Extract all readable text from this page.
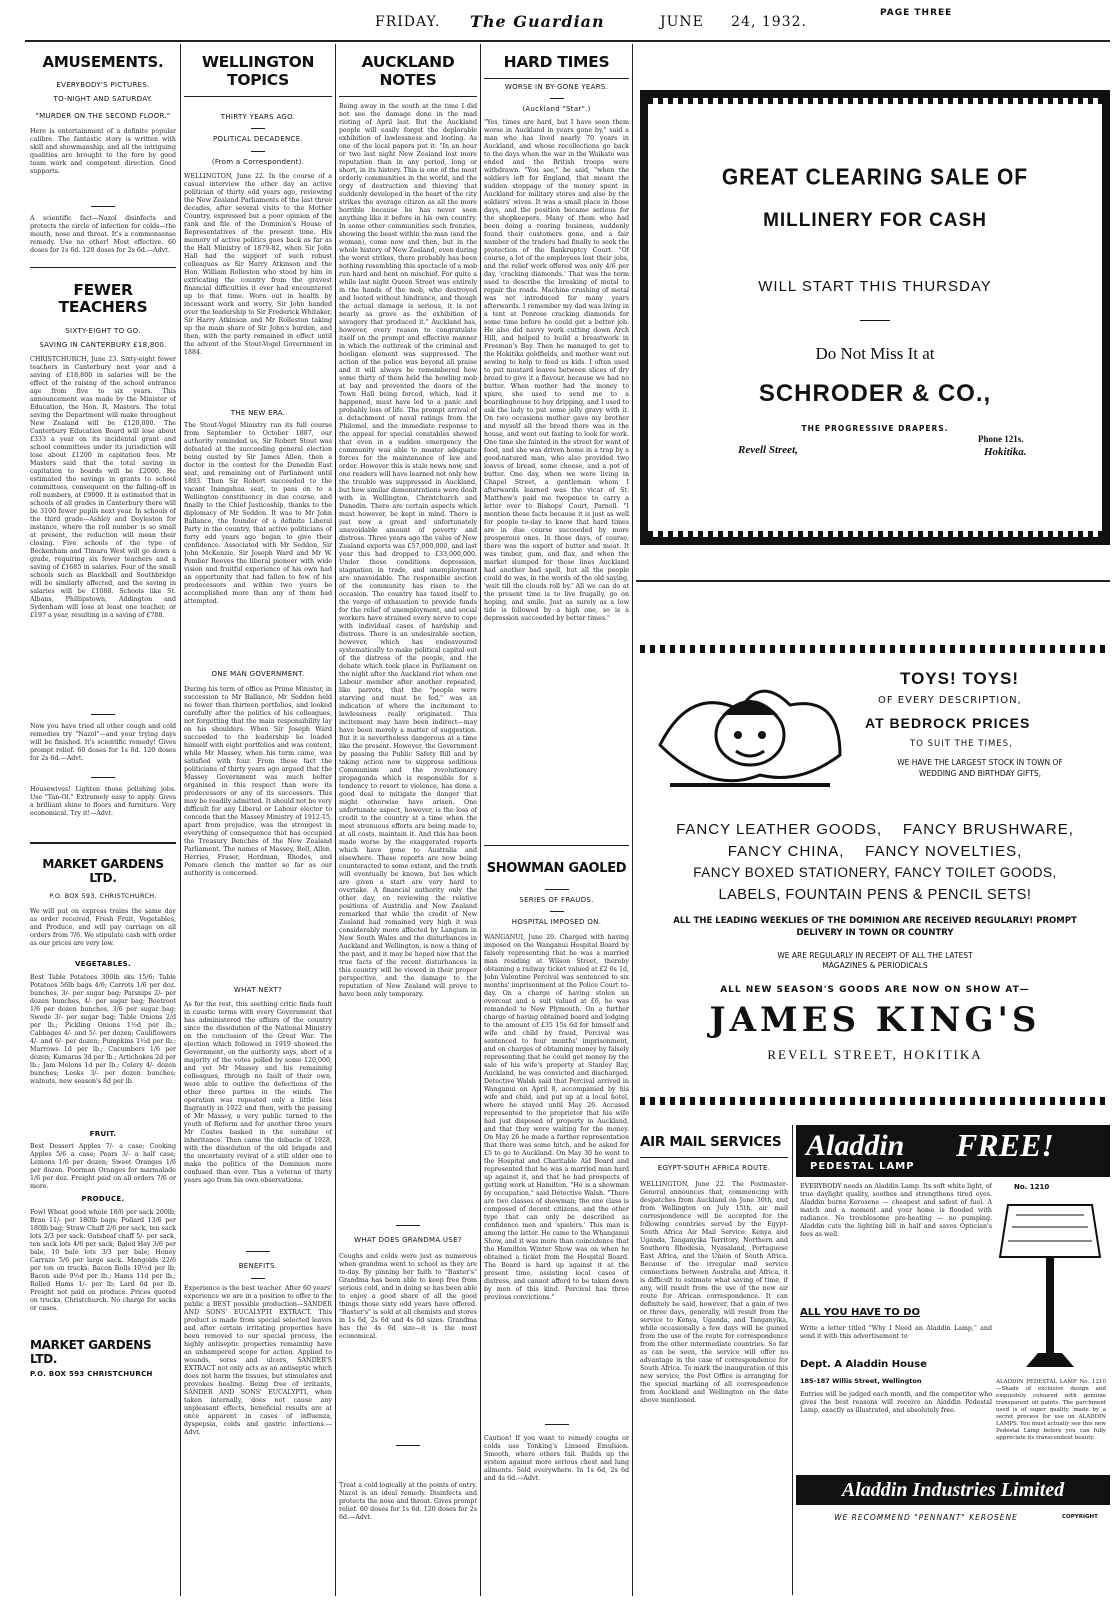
FRIDAY. The Guardian	JUNE     24, 1932.
PAGE THREE
AMUSEMENTS.
EVERYBODY'S PICTURES.
TO-NIGHT AND SATURDAY.
"MURDER ON THE SECOND FLOOR."
Here is entertainment of a definite popular calibre. The fantastic story is written with skill and showmanship, and all the intriguing qualities are brought to the fore by good team work and competent direction. Good supports.
A scientific fact—Nazol disinfects and protects the circle of infection for colds—the mouth, nose and throat. It's a commonsense remedy. Use no other! Most effective. 60 doses for 1s 6d. 120 doses for 2s 6d.—Advt.
FEWER TEACHERS
SIXTY-EIGHT TO GO.
SAVING IN CANTERBURY £18,800.
CHRISTCHURCH, June 23. Sixty-eight fewer teachers in Canterbury next year and a saving of £18,800 in salaries will be the effect of the raising of the school entrance age from five to six years. This announcement was made by the Minister of Education, the Hon. R. Masters. The total saving the Department will make throughout New Zealand will be £120,000. The Canterbury Education Board will lose about £333 a year on its incidental grant and school committees under its jurisdiction will lose about £1200 in capitation fees. Mr Masters said that the total saving in capitation to boards will be £2000. He estimated the savings in grants to school committees, consequent on the falling-off in roll numbers, at £9000. It is estimated that in schools of all grades in Canterbury there will be 3100 fewer pupils next year. In schools of the third grade—Ashley and Doyleston for instance, where the roll number is so small at present, the reduction will mean their closing. Five schools of the type of Beckenham and Timaru West will go down a grade, requiring six fewer teachers and a saving of £1685 in salaries. Four of the small schools such as Blackball and Southbridge will be similarly affected, and the saving in salaries will be £1088. Schools like St. Albans, Phillipstown, Addington and Sydenham will lose at least one teacher, or £197 a year, resulting in a saving of £788.
Now you have tried all other cough and cold remedies try "Nazol"—and your trying days will be finished. It's scientific remedy! Gives prompt relief. 60 doses for 1s 6d. 120 doses for 2s 6d.—Advt.
Housewives! Lighten those polishing jobs. Use "Tan-Ol." Extremely easy to apply. Gives a brilliant shine to floors and furniture. Very economical. Try it!—Advt.
MARKET GARDENS LTD.
P.O. BOX 593, CHRISTCHURCH.
We will put on express trains the same day as order received, Fresh Fruit, Vegetables, and Produce, and will pay carriage on all orders from 7/6. We stipulate cash with order as our prices are very low.
VEGETABLES.
Best Table Potatoes 300lb sks 15/6; Table Potatoes 56lb bags 4/6; Carrots 1/6 per doz. bunches, 3/- per sugar bag; Parsnips 2/- per dozen bunches, 4/- per sugar bag; Beetroot 1/6 per dozen bunches, 3/6 per sugar bag; Swede 3/- per sugar bag; Table Onions 2/d per lb.; Pickling Onions 1½d per lb.; Cabbages 4/- and 5/- per dozen; Cauliflowers 4/- and 6/- per dozen; Pumpkins 1½d per lb.; Marrows 1d per lb.; Cucumbers 1/6 per dozen; Kumaras 3d per lb.; Artichokes 2d per lb.; Jam Melons 1d per lb.; Celery 4/- dozen bunches; Leeks 3/- per dozen bunches; walnuts, new season's 8d per lb.
FRUIT.
Best Dessert Apples 7/- a case; Cooking Apples 5/6 a case; Pears 3/- a half case; Lemons 1/6 per dozen; Sweet Oranges 1/6 per dozen. Poorman Oranges for marmalade 1/6 per doz. Freight paid on all orders 7/6 or more.
PRODUCE.
Fowl Wheat good whole 18/6 per sack 200lb; Bran 11/- per 180lb bags; Pollard 13/6 per 180lb bag; Straw Chaff 2/6 per sack, ten sack lots 2/3 per sack. Oatsheaf chaff 5/- per sack, ten sack lots 4/6 per sack; Baled Hay 3/6 per bale, 10 bale lots 3/3 per bale; Honey Carraze 5/6 per large sack. Mangolds 22/6 per ton on trucks. Bacon Rolls 10½d per lb; Bacon side 9½d per lb.; Hams 11d per lb.; Rolled Hams 1/- per lb; Lard 6d per lb. Freight not paid on produce. Prices quoted on trucks, Christchurch. No charge for sacks or cases.
MARKET GARDENS LTD.
P.O. BOX 593 CHRISTCHURCH
WELLINGTON TOPICS
THIRTY YEARS AGO.
POLITICAL DECADENCE.
(From a Correspondent).
WELLINGTON, June 22. In the course of a casual interview the other day an active politician of thirty odd years ago, reviewing the New Zealand Parliaments of the last three decades, after several visits to the Mother Country, expressed but a poor opinion of the rank and file of the Dominion's House of Representatives of the present time. His memory of active politics goes back as far as the Hall Ministry of 1879-82, when Sir John Hall had the support of such robust colleagues as Sir Harry Atkinson and the Hon. William Rolleston who stood by him in extricating the country from the gravest financial difficulties it ever had encountered up to that time. Worn out in health by incessant work and worry, Sir John handed over the leadership to Sir Frederick Whitaker, Sir Harry Atkinson and Mr Rolleston taking up the main share of Sir John's burden, and then, with the party remained in effect until the advent of the Stout-Vogel Government in 1884.
THE NEW ERA.
The Stout-Vogel Ministry ran its full course from September to October 1887, our authority reminded us, Sir Robert Stout was defeated at the succeeding general election being ousted by Sir James Allen, then a doctor in the contest for the Dunedin East seat, and remaining out of Parliament until 1893. Then Sir Robert succeeded to the vacant Inangahua seat, to pass on to a Wellington constituency in due course, and finally to the Chief Justiceship, thanks to the diplomacy of Mr Seddon. It was to Mr John Ballance, the founder of a definite Liberal Party in the country, that active politicians of forty odd years ago began to give their confidence. Associated with Mr Seddon, Sir John McKenzie, Sir Joseph Ward and Mr W. Pember Reeves the liberal pioneer with wide vision and fruitful experience of his own had an opportunity that had fallen to few of his predecessors and within two years he accomplished more than any of them had attempted.
ONE MAN GOVERNMENT.
During his term of office as Prime Minister, in succession to Mr Ballance, Mr Seddon held no fewer than thirteen portfolios, and looked carefully after the politics of his colleagues, not forgetting that the main responsibility lay on his shoulders. When Sir Joseph Ward succeeded to the leadership he loaded himself with eight portfolios and was content, while Mr Massey, when his term came, was satisfied with four. From these fact the politicians of thirty years ago argued that the Massey Government was much better organised in this respect than were its predecessors or any of its successors. This may be readily admitted. It should not be very difficult for any Liberal or Labour elector to concede that the Massey Ministry of 1912-15, apart from prejudice, was the strongest in everything of consequence that has occupied the Treasury Benches of the New Zealand Parliament. The names of Massey, Bell, Allen, Herries, Fraser, Hordman, Rhodes, and Pomare clench the matter so far as our authority is concerned.
WHAT NEXT?
As for the rest, this seething critic finds fault in caustic terms with every Government that has administered the affairs of the country since the dissolution of the National Ministry on the conclusion of the Great War. The election which followed in 1919 showed the Government, on the authority says, short of a majority of the votes polled by some 120,000, and yet Mr Massey and his remaining colleagues, through no fault of their own, were able to outlive the defections of the other three parties in the winds. The operation was repeated only a little less flagrantly in 1922 and then, with the passing of Mr Massey, a very public turned to the youth of Reform and for another three years Mr Coates basked in the sunshine of inheritance. Then came the debacle of 1928, with the dissolution of the old brigade and the uncertainty revival of a still older one to make the politics of the Dominion more confused than ever. This a veteran of thirty years ago from his own observations.
BENEFITS.
Experience is the best teacher. After 60 years' experience we are in a position to offer to the public a BEST possible production—SANDER AND SONS' EUCALYPTI EXTRACT. This product is made from special selected leaves and after certain irritating properties have been removed to our special process, the highly antiseptic properties remaining have an unhampered scope for action. Applied to wounds, sores and ulcers, SANDER'S EXTRACT not only acts as an antiseptic which does not harm the tissues, but stimulates and provokes healing. Being free of irritants, SANDER AND SONS' EUCALYPTI, when taken internally, does not cause any unpleasant effects, beneficial results are at once apparent in cases of influenza, dyspepsia, colds and gastric infections.—Advt.
AUCKLAND NOTES
Being away in the south at the time I did not see the damage done in the mad rioting of April last. But the Auckland people will easily forget the deplorable exhibition of lawlessness and looting. As one of the local papers put it: "In an hour or two last night New Zealand lost more reputation than in any period, long or short, in its history. This is one of the most orderly communities in the world, and the orgy of destruction and thieving that suddenly developed in the heart of the city strikes the average citizen as all the more horrible because he has never seen anything like it before in his own country. In some other communities such frenzies, showing the beast within the man (and the woman), come now and then, but in the whole history of New Zealand, even during the worst strikes, there probably has been nothing resembling this spectacle of a mob run hard and bent on mischief. For quite a while last night Queen Street was entirely in the hands of the mob, who destroyed and looted without hindrance, and though the actual damage is serious, it is not nearly as grave as the exhibition of savagery that produced it." Auckland has, however, every reason to congratulate itself on the prompt and effective manner in which the outbreak of the criminal and hooligan element was suppressed. The action of the police was beyond all praise and it will always be remembered how some thirty of them held the howling mob at bay and prevented the doors of the Town Hall being forced, which, had it happened, must have led to a panic and probably loss of life. The prompt arrival of a detachment of naval ratings from the Philomel, and the immediate response to the appeal for special constables showed that even in a sudden emergency the community was able to muster adequate forces for the maintenance of law and order. However this is stale news now, and one readers will have learned not only how the trouble was suppressed in Auckland, but how similar demonstrations were dealt with in Wellington, Christchurch and Dunedin. There are certain aspects which must however, be kept in mind. There is just now a great and unfortunately unavoidable amount of poverty and distress. Three years ago the value of New Zealand exports was £57,000,000, and last year this had dropped to £33,000,000. Under these conditions depression, stagnation in trade, and unemployment are unavoidable. The responsible section of the community has risen to the occasion. The country has taxed itself to the verge of exhaustion to provide funds for the relief of unemployment, and social workers have strained every nerve to cope with individual cases of hardship and distress. There is an undesirable section, however, which has endeavoured systematically to make political capital out of the distress of the people, and the debate which took place in Parliament on the night after the Auckland riot when one Labour member after another repeated, like parrots, that the "people were starving and must be fed," was an indication of where the incitement to lawlessness really originated. This incitement may have been indirect—may have been merely a matter of suggestion. But it is nevertheless dangerous at a time like the present. However, the Government by passing the Public Safety Bill and by taking action now to suppress seditious Communism and the revolutionary propaganda which is responsible for a tendency to resort to violence, has done a good deal to mitigate the danger that might otherwise have arisen. One unfortunate aspect, however, is the loss of credit to the country at a time when the most strenuous efforts are being made to, at all costs, maintain it. And this has been made worse by the exaggerated reports which have gone to Australia and elsewhere. These reports are now being counteracted to some extent, and the truth will eventually be known, but lies which are given a start are very hard to overtake. A financial authority only the other day, on reviewing the relative positions of Australia and New Zealand remarked that while the credit of New Zealand had remained very high it was considerably more affected by Langism in New South Wales and the disturbances in Auckland and Wellington, is now a thing of the past, and it may be hoped now that the true facts of the recent disturbances in this country will be viewed in their proper perspective, and the damage to the reputation of New Zealand will prove to have been only temporary.
WHAT DOES GRANDMA USE?
Coughs and colds were just as numerous when grandma went to school as they are to-day. By pinning her faith to "Baxter's" Grandma has been able to keep free from serious cold, and in doing so has been able to enjoy a good share of all the good things those sixty odd years have offered. "Baxter's" is sold at all chemists and stores in 1s 6d, 2s 6d and 4s 6d sizes. Grandma has the 4s 6d size—it is the most economical.
Treat a cold logically at the points of entry. Nazol is an ideal remedy. Disinfects and protects the nose and throat. Gives prompt relief. 60 doses for 1s 6d. 120 doses for 2s 6d.—Advt.
HARD TIMES
WORSE IN BY-GONE YEARS.
(Auckland "Star".)
"Yes, times are hard, but I have seen them worse in Auckland in years gone by," said a man who has lived nearly 70 years in Auckland, and whose recollections go back to the days when the war in the Waikato was ended and the British troops were withdrawn. "You see," he said, "when the soldiers left for England, that meant the sudden stoppage of the money spent in Auckland for military stores and also by the soldiers' wives. It was a small place in those days, and the position became serious for the shopkeepers. Many of them who had been doing a roaring business, suddenly found their customers gone, and a fair number of the traders had finally to seek the protection of the Bankruptcy Court. "Of course, a lot of the employees lost their jobs, and the relief work offered was only 4/6 per day, 'cracking diamonds.' That was the term used to describe the breaking of metal to repair the roads. Machine crushing of metal was not introduced for many years afterwards. I remember my dad was living in a tent at Penrose cracking diamonds for some time before he could get a better job. He also did navvy work cutting down Arch Hill, and helped to build a breastwork in Freeman's Bay. Then he managed to get to the Hokitika goldfields, and mother went out sewing to help to feed us kids. I often used to put mustard leaves between slices of dry bread to give it a flavour, because we had no butter. When mother had the money to spare, she used to send me to a boardinghouse to buy dripping, and I used to ask the lady to put some jelly gravy with it. On two occasions mother gave my brother and myself all the bread there was in the house, and went out fasting to look for work. One time she fainted in the street for want of food, and she was driven home in a trap by a good-natured man, who also provided two loaves of bread, some cheese, and a pot of butter. One day, when we were living in Chapel Street, a gentleman whom I afterwards learned was the vicar of St. Matthew's paid me twopence to carry a letter over to Bishops' Court, Parnell. "I mention these facts because it is just as well for people to-day to know that hard times are in due course succeeded by more prosperous ones. In those days, of course, there was the export of butter and meat. It was timber, gum, and flax, and when the market slumped for those lines Auckland had another bad spell, but all the people could do was, in the words of the old saying, 'wait till the clouds roll by.' All we can do at the present time is to live frugally, go on hoping, and smile. Just as surely as a low tide is followed by a high one, so is a depression succeeded by better times."
SHOWMAN GAOLED
SERIES OF FRAUDS.
HOSPITAL IMPOSED ON.
WANGANUI, June 20. Charged with having imposed on the Wanganui Hospital Board by falsely representing that he was a married man residing at Wilson Street, thereby obtaining a railway ticket valued at £2 6s 1d, John Valentine Percival was sentenced to six months' imprisonment at the Police Court to-day. On a charge of having stolen an overcoat and a suit valued at £6, he was remanded to New Plymouth. On a further charge of having obtained board and lodging to the amount of £35 15s 6d for himself and wife and child by fraud, Percival was sentenced to four months' imprisonment, and on charges of obtaining money by falsely representing that he could get money by the sale of his wife's property at Stanley Bay, Auckland, he was convicted and discharged. Detective Walsh said that Percival arrived in Wanganui on April 8, accompanied by his wife and child, and put up at a local hotel, where he stayed until May 26. Accused represented to the proprietor that his wife had just disposed of property in Auckland, and that they were waiting for the money. On May 26 he made a further representation that there was some hitch, and he asked for £5 to go to Auckland. On May 30 he went to the Hospital and Charitable Aid Board and represented that he was a married man hard up against it, and that he had prospects of getting work at Hamilton. "He is a showman by occupation," said Detective Walsh. "There are two classes of showman; the one class is composed of decent citizens, and the other type that can only be described as confidence men and 'spielers.' This man is among the latter. He came to the Whanganui Show, and it was more than coincidence that the Hamilton Winter Show was on when he obtained a ticket from the Hospital Board. The Board is hard up against it at the present time, assisting local cases of distress, and cannot afford to be taken down by men of this kind. Percival has three previous convictions."
Caution! If you want to remedy coughs or colds use Tonking's Linseed Emulsion. Smooth, where others fail. Builds up the system against more serious chest and lung ailments. Sold everywhere. In 1s 6d, 2s 6d and 4s 6d.—Advt.
GREAT CLEARING SALE OF
MILLINERY FOR CASH
WILL START THIS THURSDAY
Do Not Miss It at
SCHRODER & CO.,
THE PROGRESSIVE DRAPERS.
Revell Street,
Phone 121s.
Hokitika.
TOYS! TOYS!
OF EVERY DESCRIPTION,
AT BEDROCK PRICES
TO SUIT THE TIMES,
WE HAVE THE LARGEST STOCK IN TOWN OF WEDDING AND BIRTHDAY GIFTS,
FANCY LEATHER GOODS,    FANCY BRUSHWARE,
FANCY CHINA,    FANCY NOVELTIES,
FANCY BOXED STATIONERY, FANCY TOILET GOODS,
LABELS, FOUNTAIN PENS & PENCIL SETS!
ALL THE LEADING WEEKLIES OF THE DOMINION ARE RECEIVED REGULARLY! PROMPT DELIVERY IN TOWN OR COUNTRY
WE ARE REGULARLY IN RECEIPT OF ALL THE LATEST MAGAZINES & PERIODICALS
ALL NEW SEASON'S GOODS ARE NOW ON SHOW AT—
JAMES KING'S
REVELL STREET, HOKITIKA
AIR MAIL SERVICES
EGYPT-SOUTH AFRICA ROUTE.
WELLINGTON, June 22. The Postmaster-General announces that, commencing with despatches from Auckland on June 30th, and from Wellington on July 15th, air mail correspondence will be accepted for the following countries served by the Egypt-South Africa Air Mail Service: Kenya and Uganda, Tanganyika Territory, Northern and Southern Rhodesia, Nyasaland, Portuguese East Africa, and the Union of South Africa. Because of the irregular mail service connections between Australia and Africa, it is difficult to estimate what saving of time, if any, will result from the use of the new air route for African correspondence. It can definitely be said, however, that a gain of two or three days, generally, will result from the service to Kenya, Uganda, and Tanganyika, while occasionally a few days will be gained from the use of the route for correspondence from the other intermediate countries. So far as can be seen, the service will offer no advantage in the case of correspondence for South Africa. To mark the inauguration of this new service, the Post Office is arranging for the special marking of all correspondence from Auckland and Wellington on the date above mentioned.
Aladdin FREE!
PEDESTAL LAMP
No. 1210
EVERYBODY needs an Aladdin Lamp. Its soft white light, of true daylight quality, soothes and strengthens tired eyes. Aladdin burns Kerosene — cheapest and safest of fuel. A match and a moment and your home is flooded with radiance. No troublesome pre-heating — no pumping. Aladdin cuts the lighting bill in half and saves Optician's fees as well.
ALL YOU HAVE TO DO
Write a letter titled "Why I Need an Aladdin Lamp," and send it with this advertisement to
Dept. A Aladdin House
185-187 Willis Street, Wellington
Entries will be judged each month, and the competitor who gives the best reasons will receive an Aladdin Pedestal Lamp, exactly as illustrated, and absolutely free.
ALADDIN PEDESTAL LAMP No. 1210 —Shade of exclusive design and exquisitely coloured with genuine transparent oil paints. The parchment used is of super quality, made by a secret process for use on ALADDIN LAMPS. You must actually see this new Pedestal Lamp before you can fully appreciate its transcendent beauty.
Aladdin Industries Limited
WE RECOMMEND "PENNANT" KEROSENE	COPYRIGHT
